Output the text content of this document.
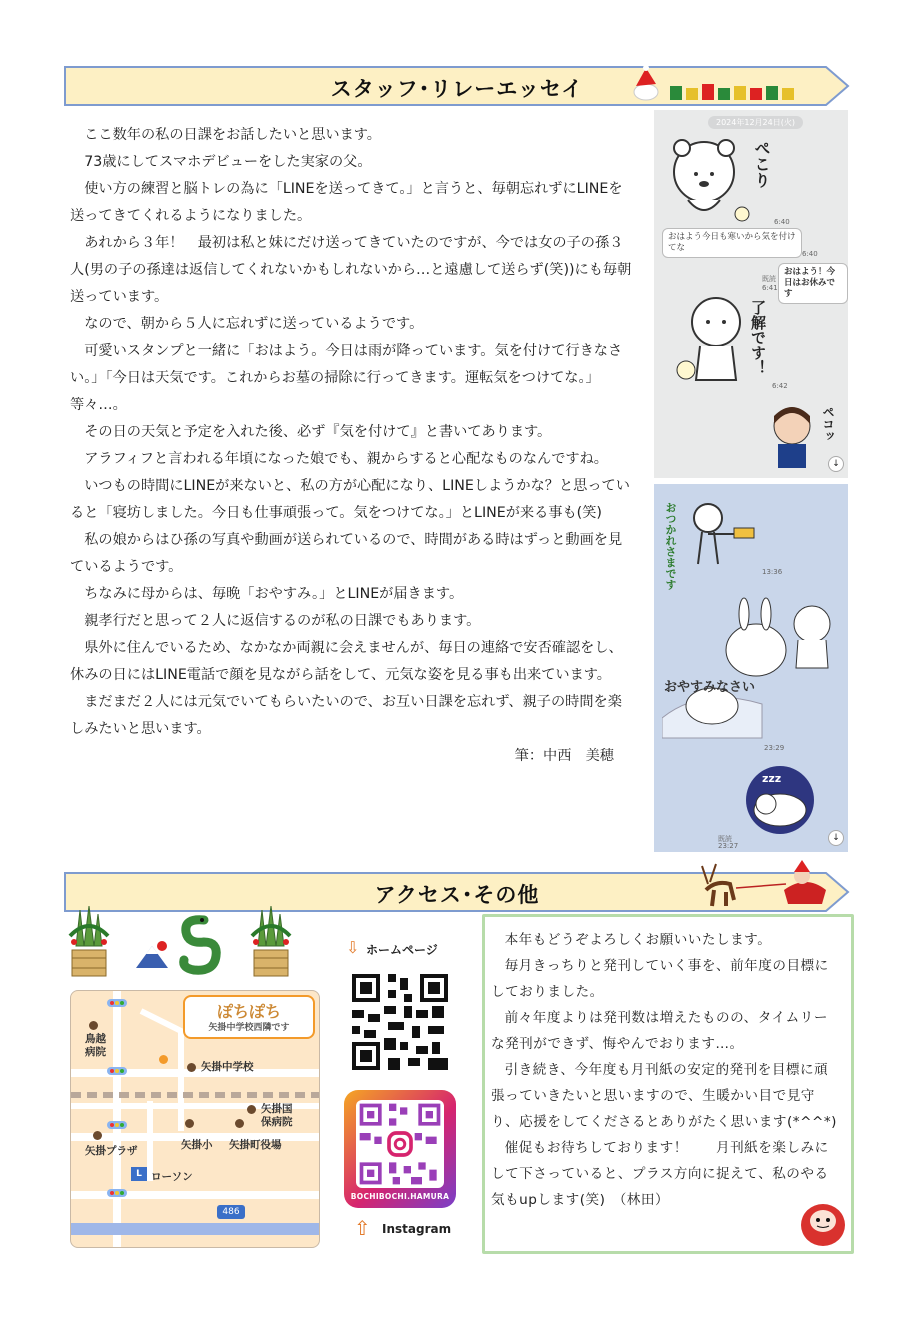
スタッフ･リレーエッセイ

ここ数年の私の日課をお話したいと思います。

73歳にしてスマホデビューをした実家の父。

使い方の練習と脳トレの為に「LINEを送ってきて。」と言うと、毎朝忘れずにLINEを送ってきてくれるようになりました。

あれから３年！　最初は私と妹にだけ送ってきていたのですが、今では女の子の孫３人(男の子の孫達は返信してくれないかもしれないから…と遠慮して送らず(笑))にも毎朝送っています。

なので、朝から５人に忘れずに送っているようです。

可愛いスタンプと一緒に「おはよう。今日は雨が降っています。気を付けて行きなさい。」「今日は天気です。これからお墓の掃除に行ってきます。運転気をつけてな。」　　等々…。

その日の天気と予定を入れた後、必ず『気を付けて』と書いてあります。

アラフィフと言われる年頃になった娘でも、親からすると心配なものなんですね。

いつもの時間にLINEが来ないと、私の方が心配になり、LINEしようかな？と思っていると「寝坊しました。今日も仕事頑張って。気をつけてな。」とLINEが来る事も(笑)

私の娘からはひ孫の写真や動画が送られているので、時間がある時はずっと動画を見ているようです。

ちなみに母からは、毎晩「おやすみ。」とLINEが届きます。

親孝行だと思って２人に返信するのが私の日課でもあります。

県外に住んでいるため、なかなか両親に会えませんが、毎日の連絡で安否確認をし、休みの日にはLINE電話で顔を見ながら話をして、元気な姿を見る事も出来ています。

まだまだ２人には元気でいてもらいたいので、お互い日課を忘れず、親子の時間を楽しみたいと思います。

筆：中西　美穂

2024年12月24日(火)
ぺこり
6:40
おはよう今日も寒いから気を付けてな
6:40
既読
6:41
おはよう！今日はお休みです
了解です！
6:42
ペコッ
↓
おつかれさまです	13:36
おやすみなさい
23:29
zzz
既読
23:27
↓
アクセス･その他
ぽちぽち
矢掛中学校西隣です
鳥越病院
矢掛中学校
矢掛国保病院
矢掛小 矢掛町役場
矢掛プラザ
L ローソン
486
⇩ ホームページ
BOCHIBOCHI.HAMURA
⇧ Instagram

本年もどうぞよろしくお願いいたします。

毎月きっちりと発刊していく事を、前年度の目標にしておりました。

前々年度よりは発刊数は増えたものの、タイムリーな発刊ができず、悔やんでおります…。

引き続き、今年度も月刊紙の安定的発刊を目標に頑張っていきたいと思いますので、生暖かい目で見守り、応援をしてくださるとありがたく思います(*^^*)

催促もお待ちしております！　　月刊紙を楽しみにして下さっていると、プラス方向に捉えて、私のやる気もupします(笑)　（林田）
